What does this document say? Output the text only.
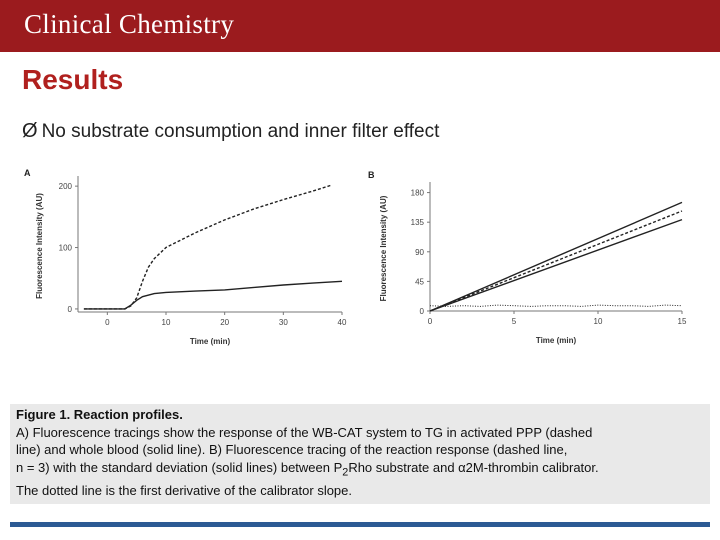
Clinical Chemistry
Results
Ø No substrate consumption and inner filter effect
A
0	10	20	30	40
0
100
200
Time (min)
Fluorescence Intensity (AU)
B
0	5	10	15
0
45
90
135
180
Time (min)
Fluorescence Intensity (AU)
Figure 1. Reaction profiles.
A) Fluorescence tracings show the response of the WB-CAT system to TG in activated PPP (dashed
line) and whole blood (solid line). B) Fluorescence tracing of the reaction response (dashed line,
n = 3) with the standard deviation (solid lines) between $P_2Rho$ substrate and α2M-thrombin calibrator.
The dotted line is the first derivative of the calibrator slope.
